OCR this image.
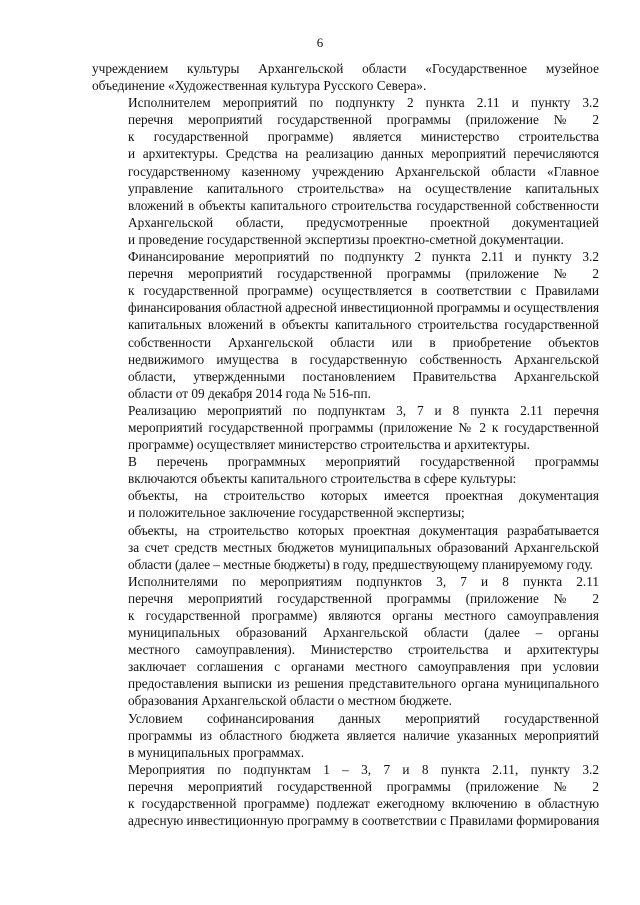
6
учреждением культуры Архангельской области «Государственное музейное
объединение «Художественная культура Русского Севера».
Исполнителем мероприятий по подпункту 2 пункта 2.11 и пункту 3.2
перечня мероприятий государственной программы (приложение № 2
к государственной программе) является министерство строительства
и архитектуры. Средства на реализацию данных мероприятий перечисляются
государственному казенному учреждению Архангельской области «Главное
управление капитального строительства» на осуществление капитальных
вложений в объекты капитального строительства государственной собственности
Архангельской области, предусмотренные проектной документацией
и проведение государственной экспертизы проектно-сметной документации.
Финансирование мероприятий по подпункту 2 пункта 2.11 и пункту 3.2
перечня мероприятий государственной программы (приложение № 2
к государственной программе) осуществляется в соответствии с Правилами
финансирования областной адресной инвестиционной программы и осуществления
капитальных вложений в объекты капитального строительства государственной
собственности Архангельской области или в приобретение объектов
недвижимого имущества в государственную собственность Архангельской
области, утвержденными постановлением Правительства Архангельской
области от 09 декабря 2014 года № 516-пп.
Реализацию мероприятий по подпунктам 3, 7 и 8 пункта 2.11 перечня
мероприятий государственной программы (приложение № 2 к государственной
программе) осуществляет министерство строительства и архитектуры.
В перечень программных мероприятий государственной программы
включаются объекты капитального строительства в сфере культуры:
объекты, на строительство которых имеется проектная документация
и положительное заключение государственной экспертизы;
объекты, на строительство которых проектная документация разрабатывается
за счет средств местных бюджетов муниципальных образований Архангельской
области (далее – местные бюджеты) в году, предшествующему планируемому году.
Исполнителями по мероприятиям подпунктов 3, 7 и 8 пункта 2.11
перечня мероприятий государственной программы (приложение № 2
к государственной программе) являются органы местного самоуправления
муниципальных образований Архангельской области (далее – органы
местного самоуправления). Министерство строительства и архитектуры
заключает соглашения с органами местного самоуправления при условии
предоставления выписки из решения представительного органа муниципального
образования Архангельской области о местном бюджете.
Условием софинансирования данных мероприятий государственной
программы из областного бюджета является наличие указанных мероприятий
в муниципальных программах.
Мероприятия по подпунктам 1 – 3, 7 и 8 пункта 2.11, пункту 3.2
перечня мероприятий государственной программы (приложение № 2
к государственной программе) подлежат ежегодному включению в областную
адресную инвестиционную программу в соответствии с Правилами формирования
